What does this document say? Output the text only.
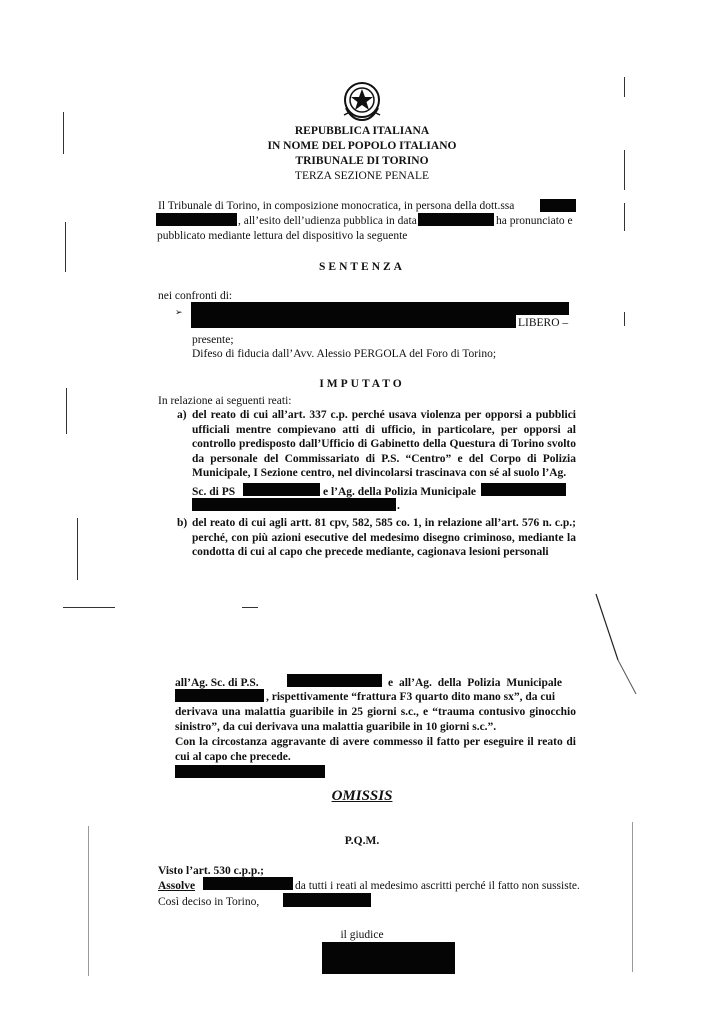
REPUBBLICA ITALIANA
IN NOME DEL POPOLO ITALIANO
TRIBUNALE DI TORINO
TERZA SEZIONE PENALE
Il Tribunale di Torino, in composizione monocratica, in persona della dott.ssa
, all’esito dell’udienza pubblica in data	ha pronunciato e
pubblicato mediante lettura del dispositivo la seguente
SENTENZA
nei confronti di:
➢
LIBERO –
presente;
Difeso di fiducia dall’Avv. Alessio PERGOLA del Foro di Torino;
IMPUTATO
In relazione ai seguenti reati:
a) del reato di cui all’art. 337 c.p. perché usava violenza per opporsi a pubblici ufficiali mentre compievano atti di ufficio, in particolare, per opporsi al controllo predisposto dall’Ufficio di Gabinetto della Questura di Torino svolto da personale del Commissariato di P.S. “Centro” e del Corpo di Polizia Municipale, I Sezione centro, nel divincolarsi trascinava con sé al suolo l’Ag.
Sc. di PS	e l’Ag. della Polizia Municipale
.
b) del reato di cui agli artt. 81 cpv, 582, 585 co. 1, in relazione all’art. 576 n. c.p.; perché, con più azioni esecutive del medesimo disegno criminoso, mediante la condotta di cui al capo che precede mediante, cagionava lesioni personali
all’Ag. Sc. di P.S.	e all’Ag. della Polizia Municipale
, rispettivamente “frattura F3 quarto dito mano sx”, da cui
derivava una malattia guaribile in 25 giorni s.c., e “trauma contusivo ginocchio sinistro”, da cui derivava una malattia guaribile in 10 giorni s.c.”.
Con la circostanza aggravante di avere commesso il fatto per eseguire il reato di cui al capo che precede.
OMISSIS
P.Q.M.
Visto l’art. 530 c.p.p.;
Assolve	da tutti i reati al medesimo ascritti perché il fatto non sussiste.
Così deciso in Torino,
il giudice
